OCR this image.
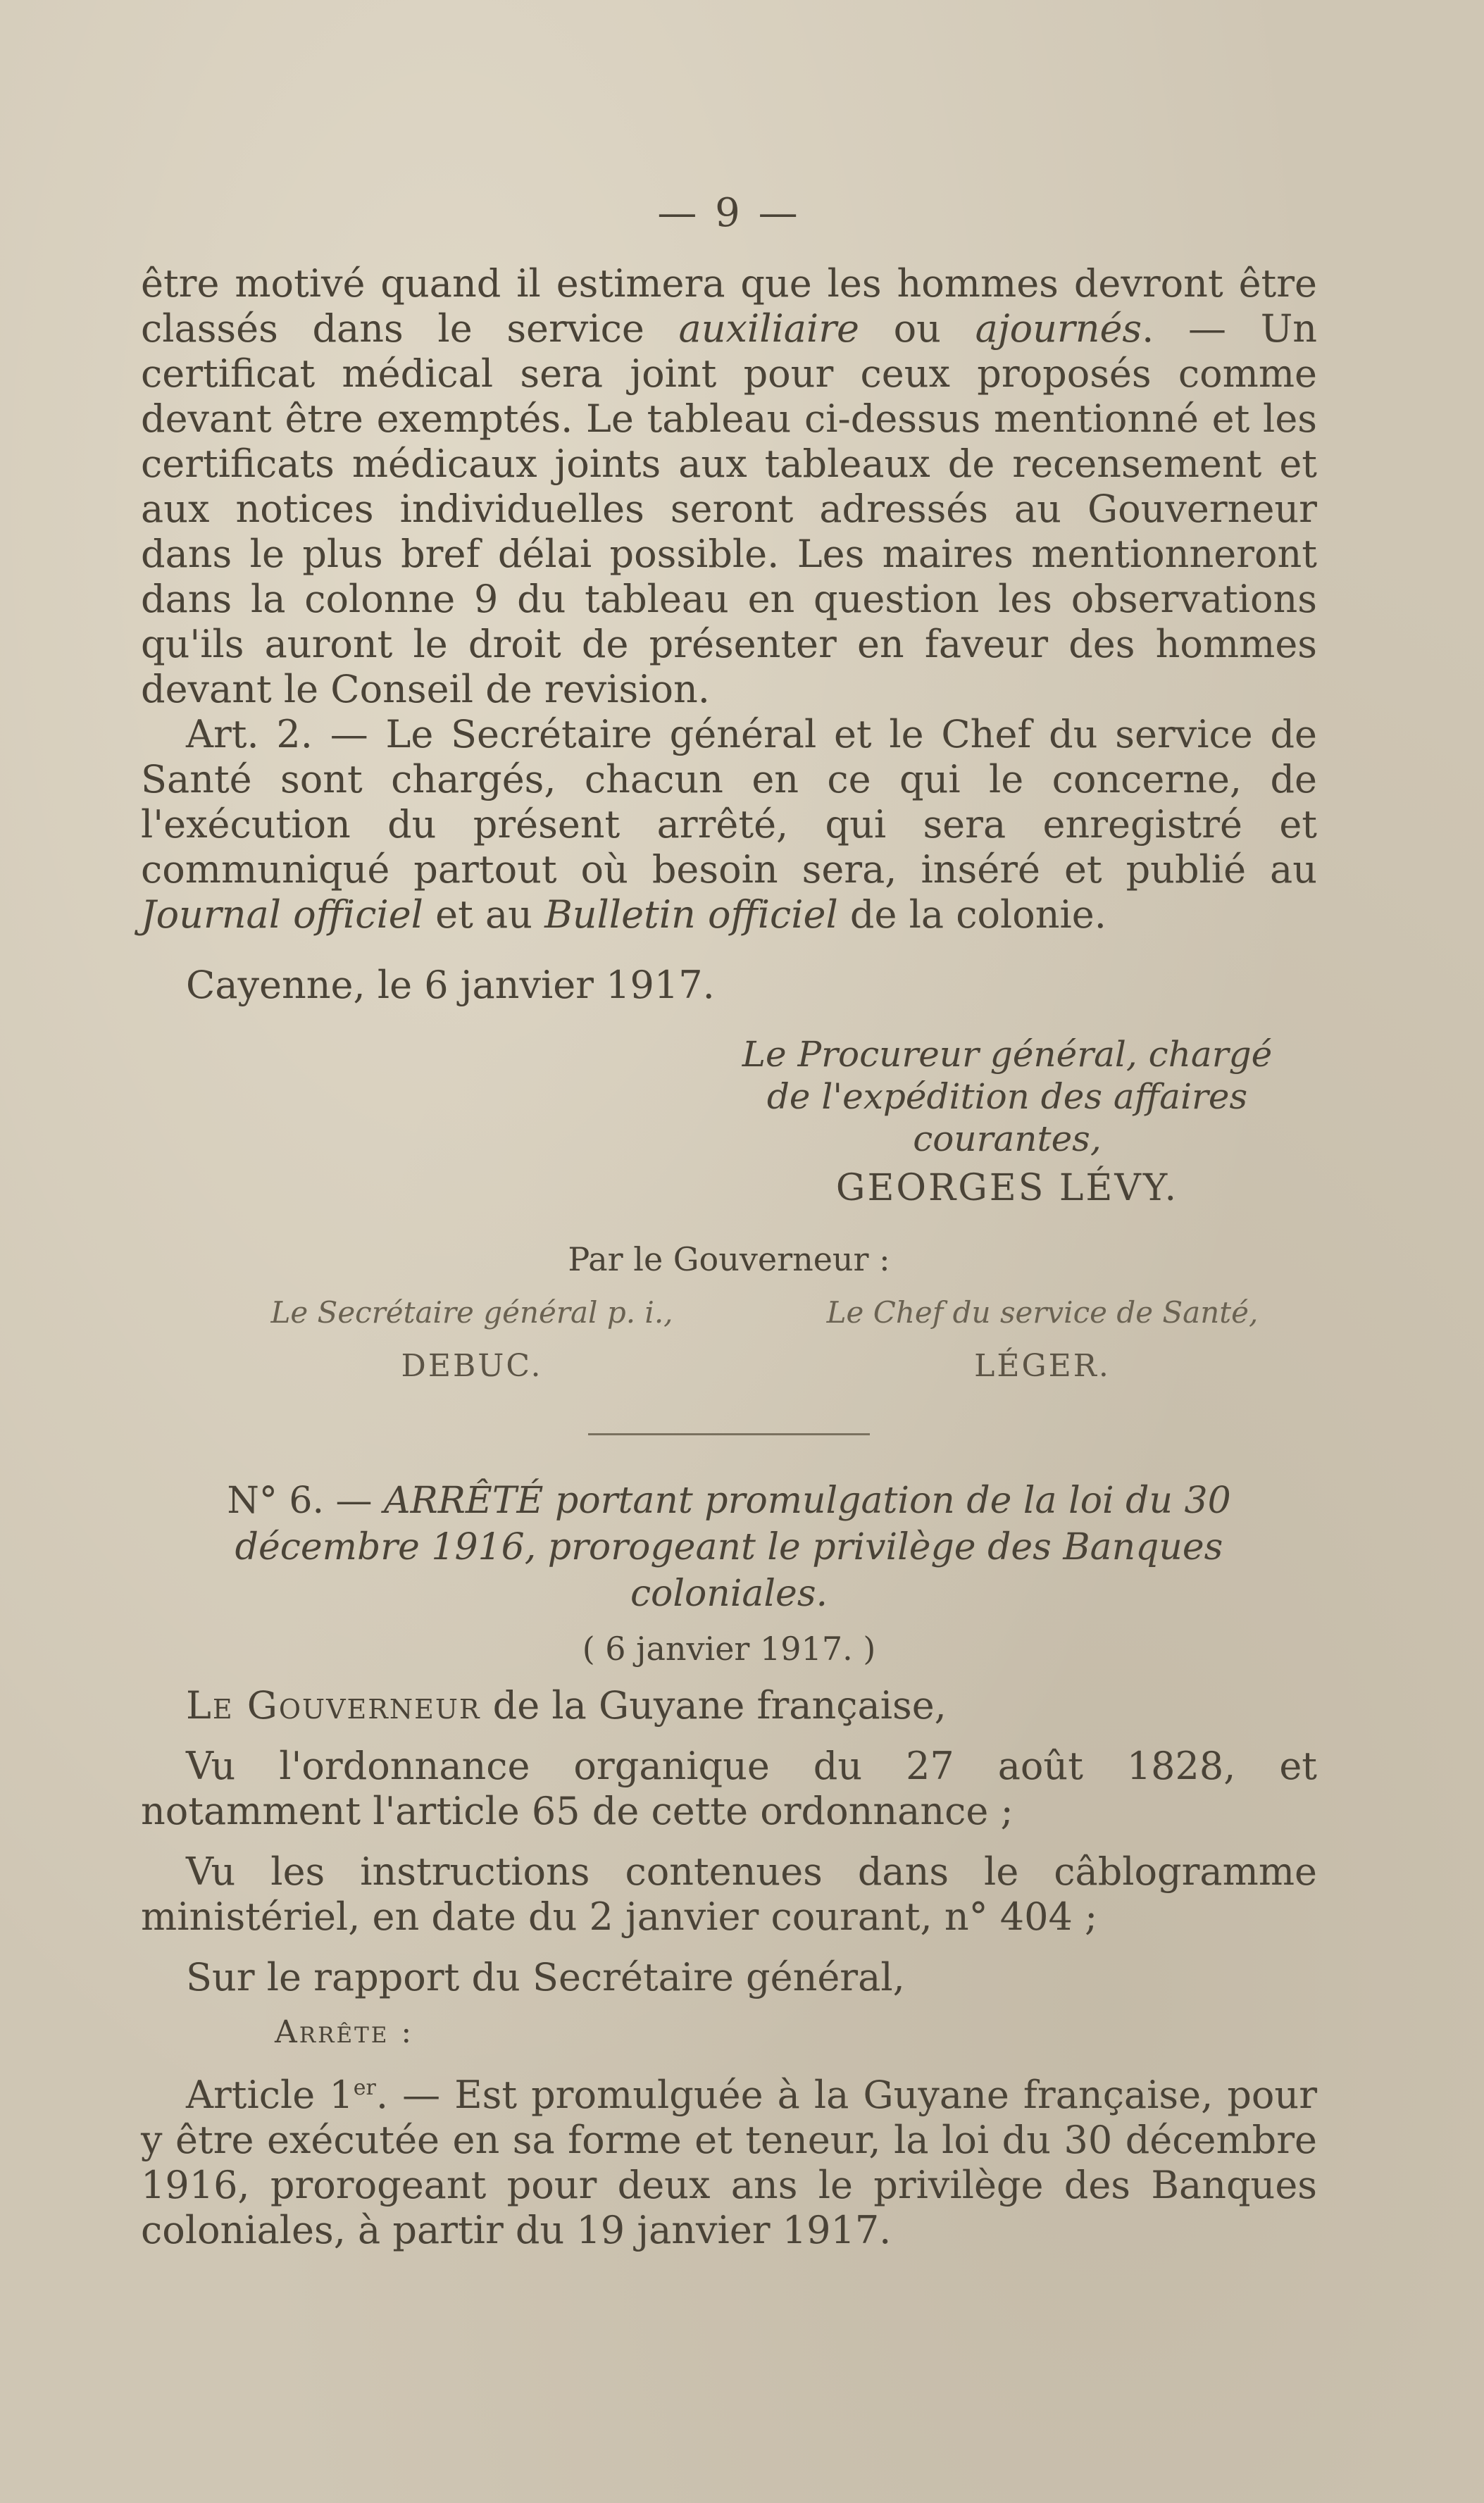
— 9 —

être motivé quand il estimera que les hommes devront être classés dans le service auxiliaire ou ajournés. — Un certificat médical sera joint pour ceux proposés comme devant être exemptés. Le tableau ci-dessus mentionné et les certificats médicaux joints aux tableaux de recensement et aux notices individuelles seront adressés au Gouverneur dans le plus bref délai possible. Les maires mentionneront dans la colonne 9 du tableau en question les observations qu'ils auront le droit de présenter en faveur des hommes devant le Conseil de revision.

Art. 2. — Le Secrétaire général et le Chef du service de Santé sont chargés, chacun en ce qui le concerne, de l'exécution du présent arrêté, qui sera enregistré et communiqué partout où besoin sera, inséré et publié au Journal officiel et au Bulletin officiel de la colonie.

Cayenne, le 6 janvier 1917.

Le Procureur général, chargé
de l'expédition des affaires
courantes,
GEORGES LÉVY.
Par le Gouverneur :
Le Secrétaire général p. i.,
DEBUC.
Le Chef du service de Santé,
LÉGER.
N° 6. — ARRÊTÉ portant promulgation de la loi du 30 décembre 1916, prorogeant le privilège des Banques coloniales.
( 6 janvier 1917. )

Le Gouverneur de la Guyane française,

Vu l'ordonnance organique du 27 août 1828, et notamment l'article 65 de cette ordonnance ;

Vu les instructions contenues dans le câblogramme ministériel, en date du 2 janvier courant, n° 404 ;

Sur le rapport du Secrétaire général,

Arrête :

Article 1er. — Est promulguée à la Guyane française, pour y être exécutée en sa forme et teneur, la loi du 30 décembre 1916, prorogeant pour deux ans le privilège des Banques coloniales, à partir du 19 janvier 1917.
